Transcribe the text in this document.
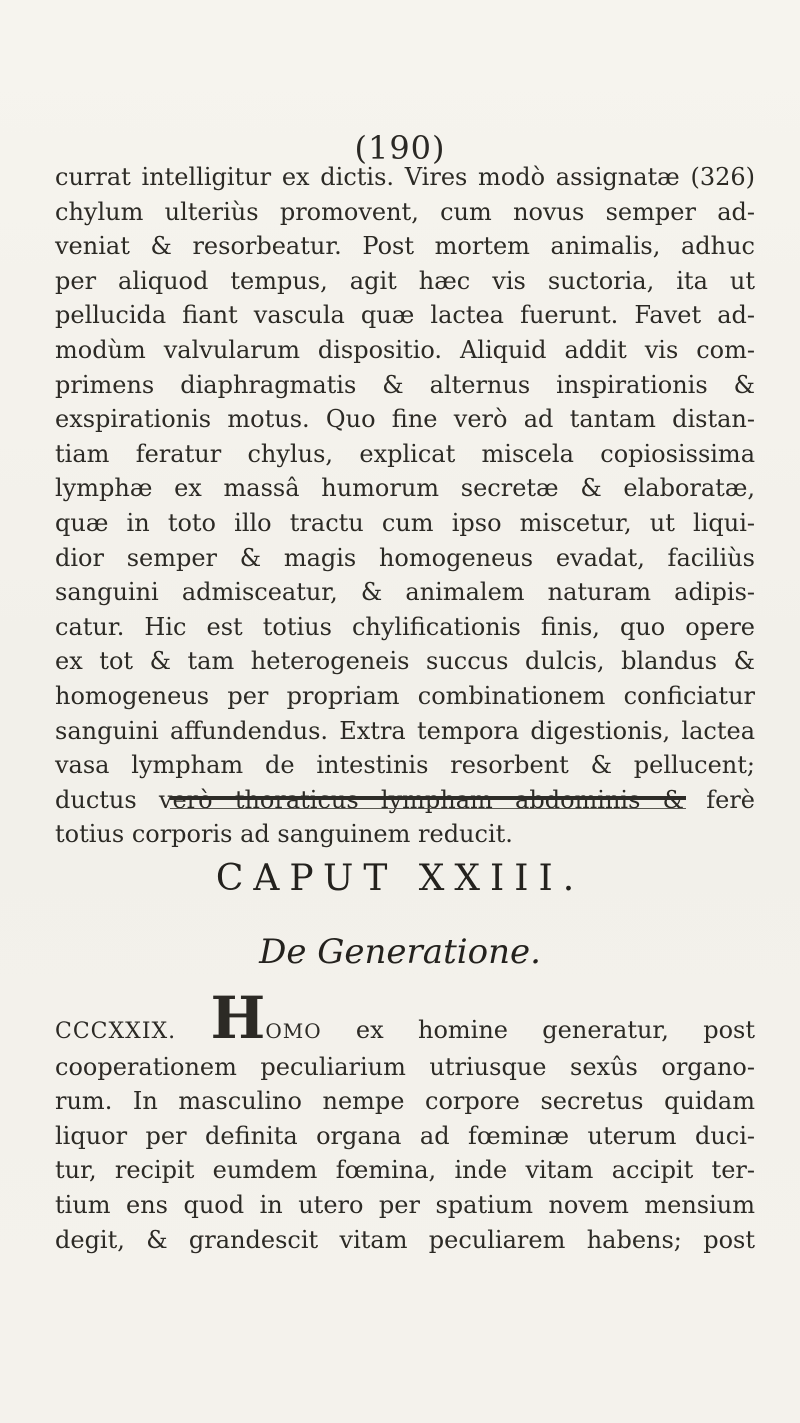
(190)
currat intelligitur ex dictis. Vires modò assignatæ (326)
chylum ulteriùs promovent, cum novus semper ad-
veniat & resorbeatur. Post mortem animalis, adhuc
per aliquod tempus, agit hæc vis suctoria, ita ut
pellucida fiant vascula quæ lactea fuerunt. Favet ad-
modùm valvularum dispositio. Aliquid addit vis com-
primens diaphragmatis & alternus inspirationis &
exspirationis motus. Quo fine verò ad tantam distan-
tiam feratur chylus, explicat miscela copiosissima
lymphæ ex massâ humorum secretæ & elaboratæ,
quæ in toto illo tractu cum ipso miscetur, ut liqui-
dior semper & magis homogeneus evadat, faciliùs
sanguini admisceatur, & animalem naturam adipis-
catur. Hic est totius chylificationis finis, quo opere
ex tot & tam heterogeneis succus dulcis, blandus &
homogeneus per propriam combinationem conficiatur
sanguini affundendus. Extra tempora digestionis, lactea
vasa lympham de intestinis resorbent & pellucent;
ductus verò thoraticus lympham abdominis & ferè
totius corporis ad sanguinem reducit.
CAPUT XXIII.
De Generatione.
CCCXXIX. HOMO ex homine generatur, post
cooperationem peculiarium utriusque sexûs organo-
rum. In masculino nempe corpore secretus quidam
liquor per definita organa ad fœminæ uterum duci-
tur, recipit eumdem fœmina, inde vitam accipit ter-
tium ens quod in utero per spatium novem mensium
degit, & grandescit vitam peculiarem habens; post
